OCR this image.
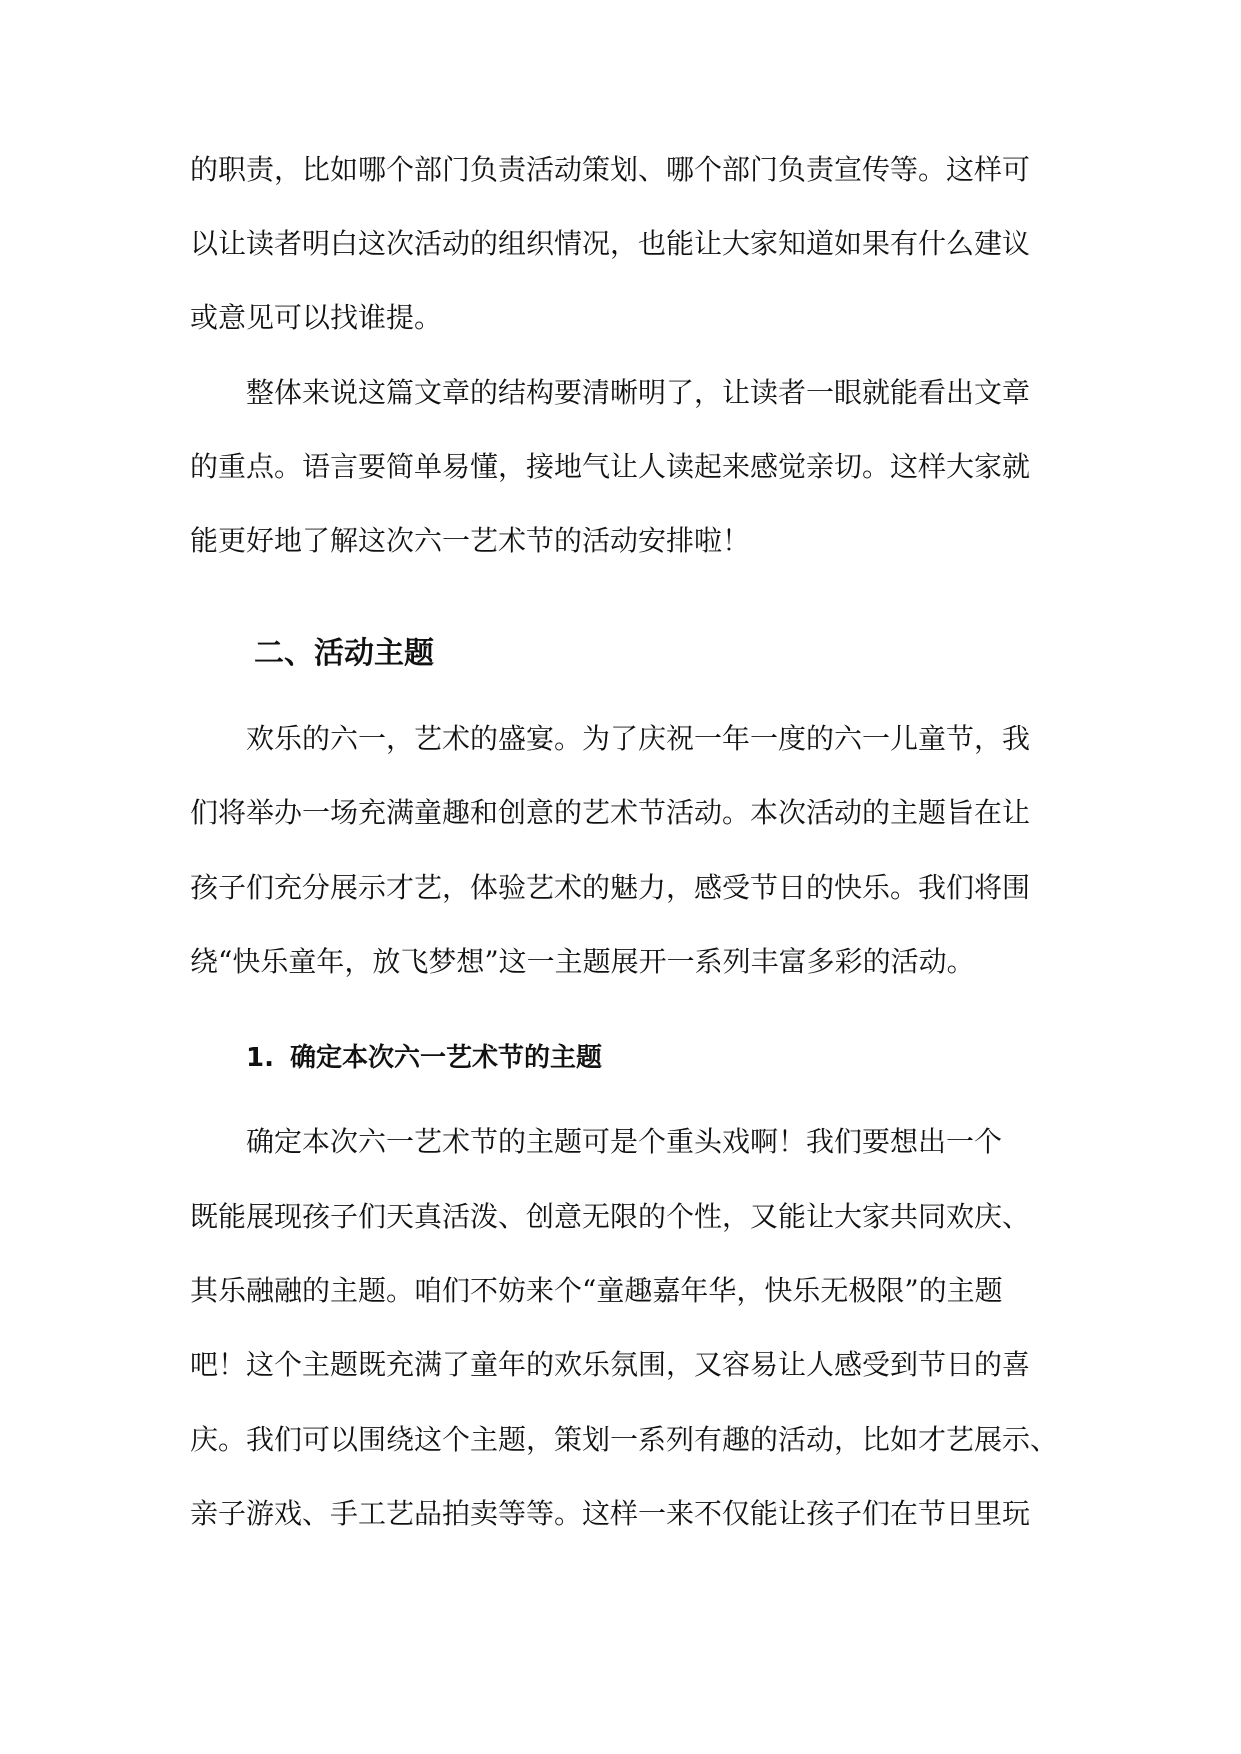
的职责，比如哪个部门负责活动策划、哪个部门负责宣传等。这样可
以让读者明白这次活动的组织情况，也能让大家知道如果有什么建议
或意见可以找谁提。
整体来说这篇文章的结构要清晰明了，让读者一眼就能看出文章
的重点。语言要简单易懂，接地气让人读起来感觉亲切。这样大家就
能更好地了解这次六一艺术节的活动安排啦！
二、活动主题
欢乐的六一，艺术的盛宴。为了庆祝一年一度的六一儿童节，我
们将举办一场充满童趣和创意的艺术节活动。本次活动的主题旨在让
孩子们充分展示才艺，体验艺术的魅力，感受节日的快乐。我们将围
绕“快乐童年，放飞梦想”这一主题展开一系列丰富多彩的活动。
1. 确定本次六一艺术节的主题
确定本次六一艺术节的主题可是个重头戏啊！我们要想出一个
既能展现孩子们天真活泼、创意无限的个性，又能让大家共同欢庆、
其乐融融的主题。咱们不妨来个“童趣嘉年华，快乐无极限”的主题
吧！这个主题既充满了童年的欢乐氛围，又容易让人感受到节日的喜
庆。我们可以围绕这个主题，策划一系列有趣的活动，比如才艺展示、
亲子游戏、手工艺品拍卖等等。这样一来不仅能让孩子们在节日里玩
